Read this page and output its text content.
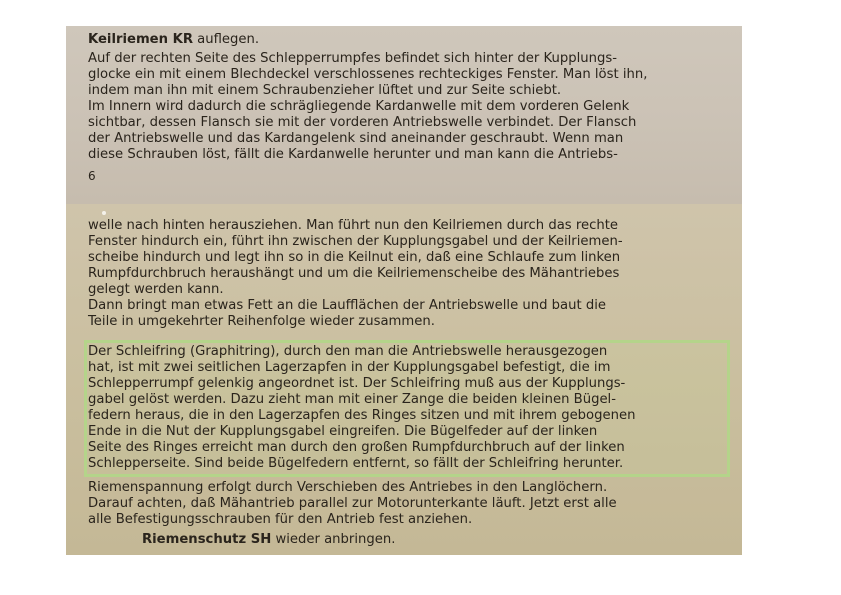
Keilriemen KR auflegen.
Auf der rechten Seite des Schlepperrumpfes befindet sich hinter der Kupplungs-
glocke ein mit einem Blechdeckel verschlossenes rechteckiges Fenster. Man löst ihn,
indem man ihn mit einem Schraubenzieher lüftet und zur Seite schiebt.
Im Innern wird dadurch die schrägliegende Kardanwelle mit dem vorderen Gelenk
sichtbar, dessen Flansch sie mit der vorderen Antriebswelle verbindet. Der Flansch
der Antriebswelle und das Kardangelenk sind aneinander geschraubt. Wenn man
diese Schrauben löst, fällt die Kardanwelle herunter und man kann die Antriebs-
6
welle nach hinten herausziehen. Man führt nun den Keilriemen durch das rechte
Fenster hindurch ein, führt ihn zwischen der Kupplungsgabel und der Keilriemen-
scheibe hindurch und legt ihn so in die Keilnut ein, daß eine Schlaufe zum linken
Rumpfdurchbruch heraushängt und um die Keilriemenscheibe des Mähantriebes
gelegt werden kann.
Dann bringt man etwas Fett an die Laufflächen der Antriebswelle und baut die
Teile in umgekehrter Reihenfolge wieder zusammen.
Der Schleifring (Graphitring), durch den man die Antriebswelle herausgezogen
hat, ist mit zwei seitlichen Lagerzapfen in der Kupplungsgabel befestigt, die im
Schlepperrumpf gelenkig angeordnet ist. Der Schleifring muß aus der Kupplungs-
gabel gelöst werden. Dazu zieht man mit einer Zange die beiden kleinen Bügel-
federn heraus, die in den Lagerzapfen des Ringes sitzen und mit ihrem gebogenen
Ende in die Nut der Kupplungsgabel eingreifen. Die Bügelfeder auf der linken
Seite des Ringes erreicht man durch den großen Rumpfdurchbruch auf der linken
Schlepperseite. Sind beide Bügelfedern entfernt, so fällt der Schleifring herunter.
Riemenspannung erfolgt durch Verschieben des Antriebes in den Langlöchern.
Darauf achten, daß Mähantrieb parallel zur Motorunterkante läuft. Jetzt erst alle
alle Befestigungsschrauben für den Antrieb fest anziehen.
Riemenschutz SH wieder anbringen.
